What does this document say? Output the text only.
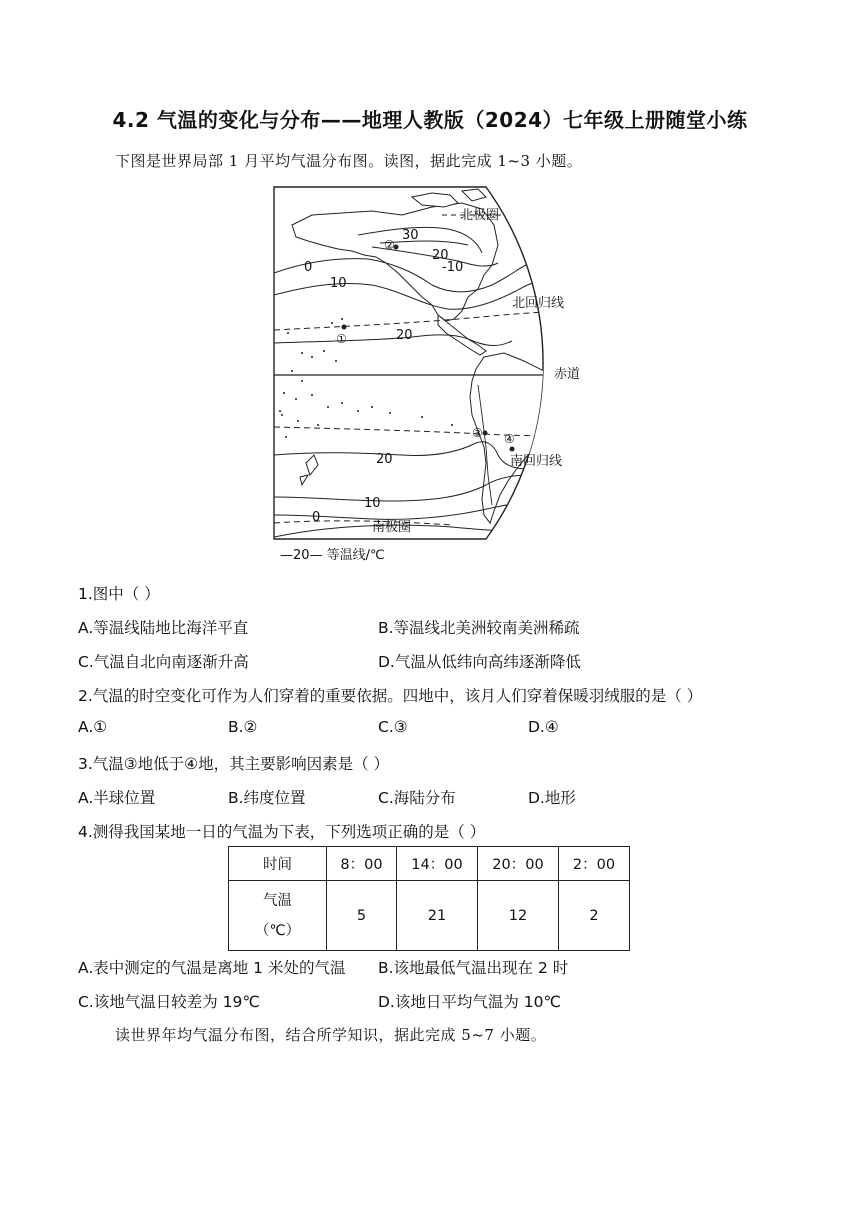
4.2 气温的变化与分布——地理人教版（2024）七年级上册随堂小练
下图是世界局部 1 月平均气温分布图。读图，据此完成 1~3 小题。
北极圈
北回归线
赤道
南回归线
南极圈
30
20
-10
0
10
20
20
10
0
①
②
③ ④
—20— 等温线/℃
1.图中（ ）
A.等温线陆地比海洋平直	B.等温线北美洲较南美洲稀疏
C.气温自北向南逐渐升高	D.气温从低纬向高纬逐渐降低
2.气温的时空变化可作为人们穿着的重要依据。四地中，该月人们穿着保暖羽绒服的是（ ）
A.①	B.②	C.③	D.④
3.气温③地低于④地，其主要影响因素是（ ）
A.半球位置	B.纬度位置	C.海陆分布	D.地形
4.测得我国某地一日的气温为下表，下列选项正确的是（ ）
时间	8：00	14：00	20：00	2：00

气温
（℃）	5	21	12	2
A.表中测定的气温是离地 1 米处的气温 B.该地最低气温出现在 2 时
C.该地气温日较差为 19℃	D.该地日平均气温为 10℃
读世界年均气温分布图，结合所学知识，据此完成 5~7 小题。
